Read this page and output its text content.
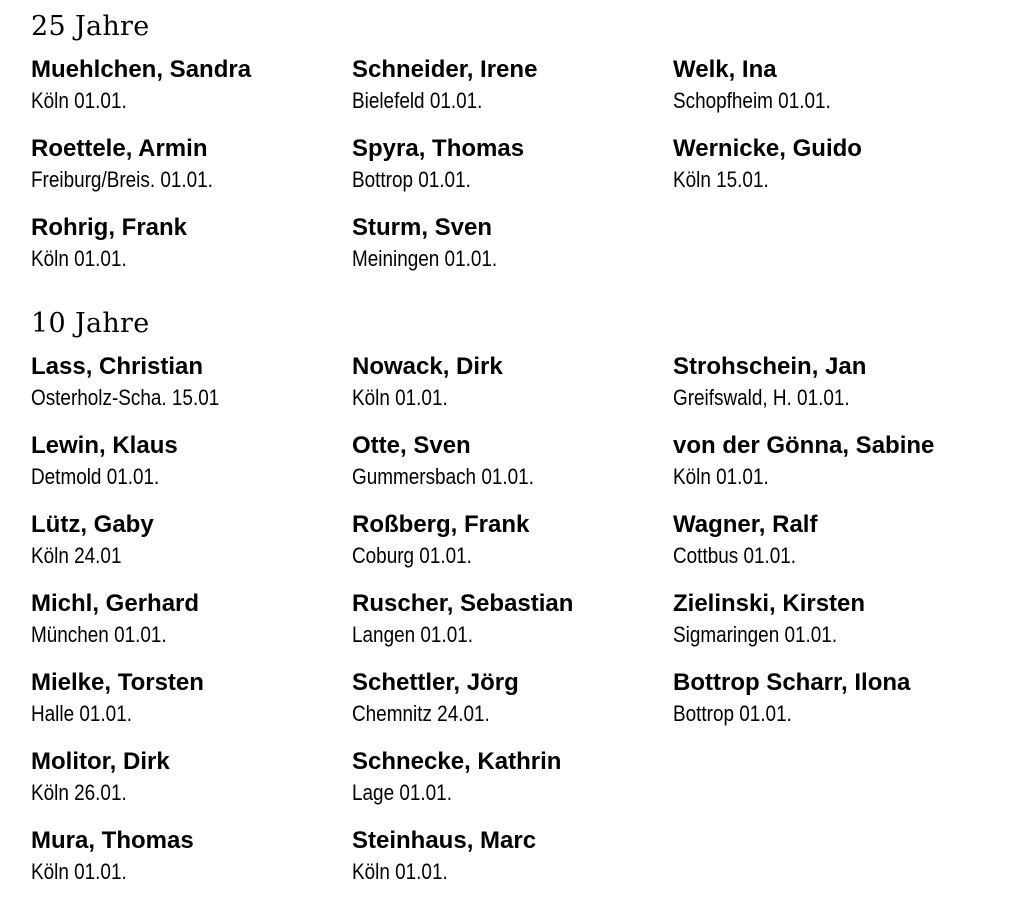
25 Jahre
Muehlchen, Sandra
Köln 01.01.
Schneider, Irene
Bielefeld 01.01.
Welk, Ina
Schopfheim 01.01.
Roettele, Armin
Freiburg/Breis. 01.01.
Spyra, Thomas
Bottrop 01.01.
Wernicke, Guido
Köln 15.01.
Rohrig, Frank
Köln 01.01.
Sturm, Sven
Meiningen 01.01.
10 Jahre
Lass, Christian
Osterholz-Scha. 15.01
Lewin, Klaus
Detmold 01.01.
Lütz, Gaby
Köln 24.01
Michl, Gerhard
München 01.01.
Mielke, Torsten
Halle 01.01.
Molitor, Dirk
Köln 26.01.
Mura, Thomas
Köln 01.01.
Nowack, Dirk
Köln 01.01.
Otte, Sven
Gummersbach 01.01.
Roßberg, Frank
Coburg 01.01.
Ruscher, Sebastian
Langen 01.01.
Schettler, Jörg
Chemnitz 24.01.
Schnecke, Kathrin
Lage 01.01.
Steinhaus, Marc
Köln 01.01.
Strohschein, Jan
Greifswald, H. 01.01.
von der Gönna, Sabine
Köln 01.01.
Wagner, Ralf
Cottbus 01.01.
Zielinski, Kirsten
Sigmaringen 01.01.
Bottrop Scharr, Ilona
Bottrop 01.01.
